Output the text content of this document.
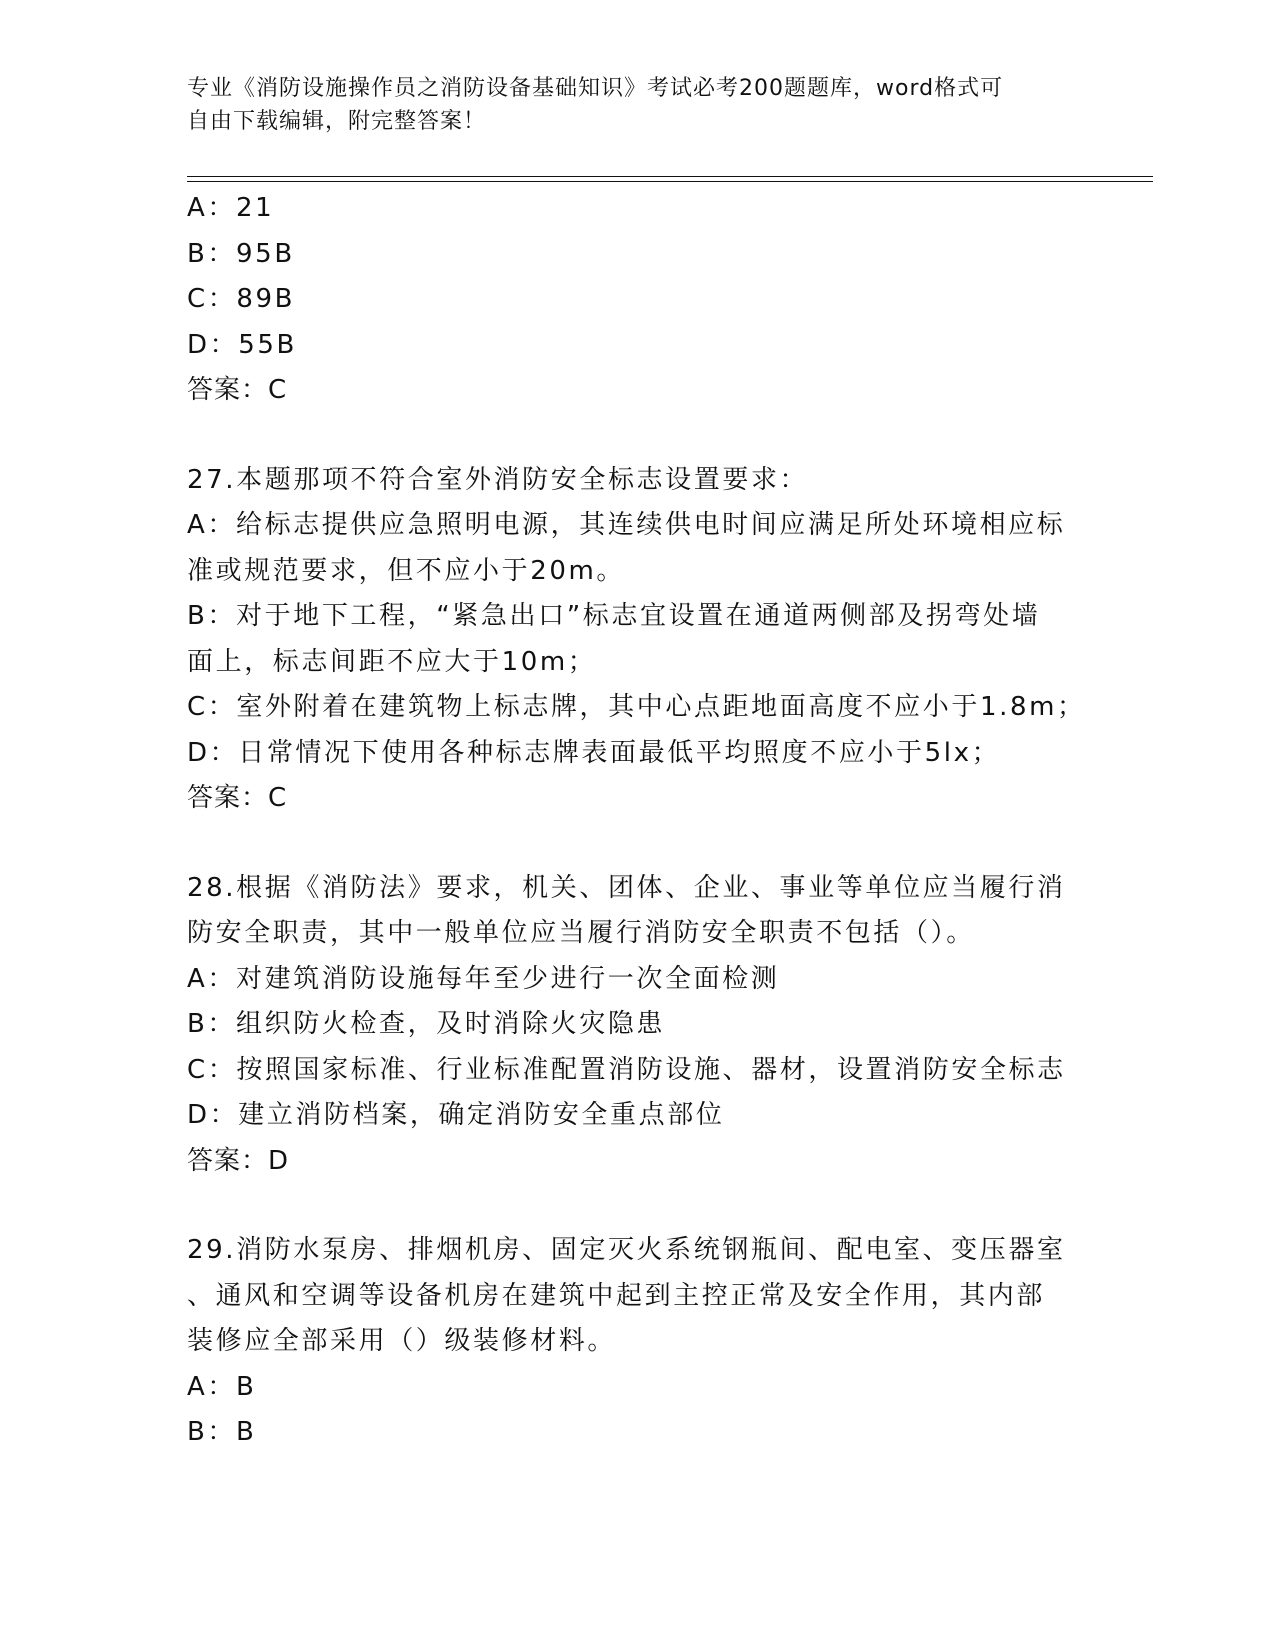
专业《消防设施操作员之消防设备基础知识》考试必考200题题库，word格式可
自由下载编辑，附完整答案！
A：21
B：95B
C：89B
D：55B
答案：C
27.本题那项不符合室外消防安全标志设置要求：
A：给标志提供应急照明电源，其连续供电时间应满足所处环境相应标
准或规范要求，但不应小于20m。
B：对于地下工程，“紧急出口”标志宜设置在通道两侧部及拐弯处墙
面上，标志间距不应大于10m；
C：室外附着在建筑物上标志牌，其中心点距地面高度不应小于1.8m；
D：日常情况下使用各种标志牌表面最低平均照度不应小于5lx；
答案：C
28.根据《消防法》要求，机关、团体、企业、事业等单位应当履行消
防安全职责，其中一般单位应当履行消防安全职责不包括（）。
A：对建筑消防设施每年至少进行一次全面检测
B：组织防火检查，及时消除火灾隐患
C：按照国家标准、行业标准配置消防设施、器材，设置消防安全标志
D：建立消防档案，确定消防安全重点部位
答案：D
29.消防水泵房、排烟机房、固定灭火系统钢瓶间、配电室、变压器室
、通风和空调等设备机房在建筑中起到主控正常及安全作用，其内部
装修应全部采用（）级装修材料。
A：B
B：B
